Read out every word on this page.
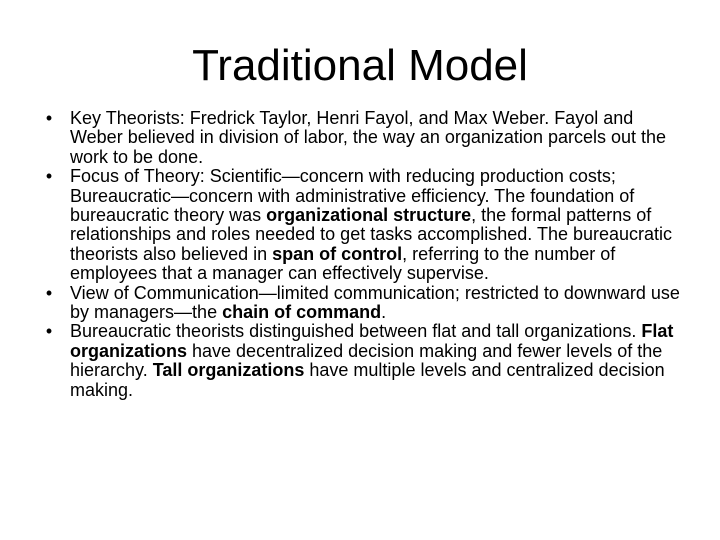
Traditional Model
• Key Theorists: Fredrick Taylor, Henri Fayol, and Max Weber. Fayol and Weber believed in division of labor, the way an organization parcels out the work to be done.
• Focus of Theory: Scientific—concern with reducing production costs; Bureaucratic—concern with administrative efficiency. The foundation of bureaucratic theory was organizational structure, the formal patterns of relationships and roles needed to get tasks accomplished. The bureaucratic theorists also believed in span of control, referring to the number of employees that a manager can effectively supervise.
• View of Communication—limited communication; restricted to downward use by managers—the chain of command.
• Bureaucratic theorists distinguished between flat and tall organizations. Flat organizations have decentralized decision making and fewer levels of the hierarchy. Tall organizations have multiple levels and centralized decision making.
